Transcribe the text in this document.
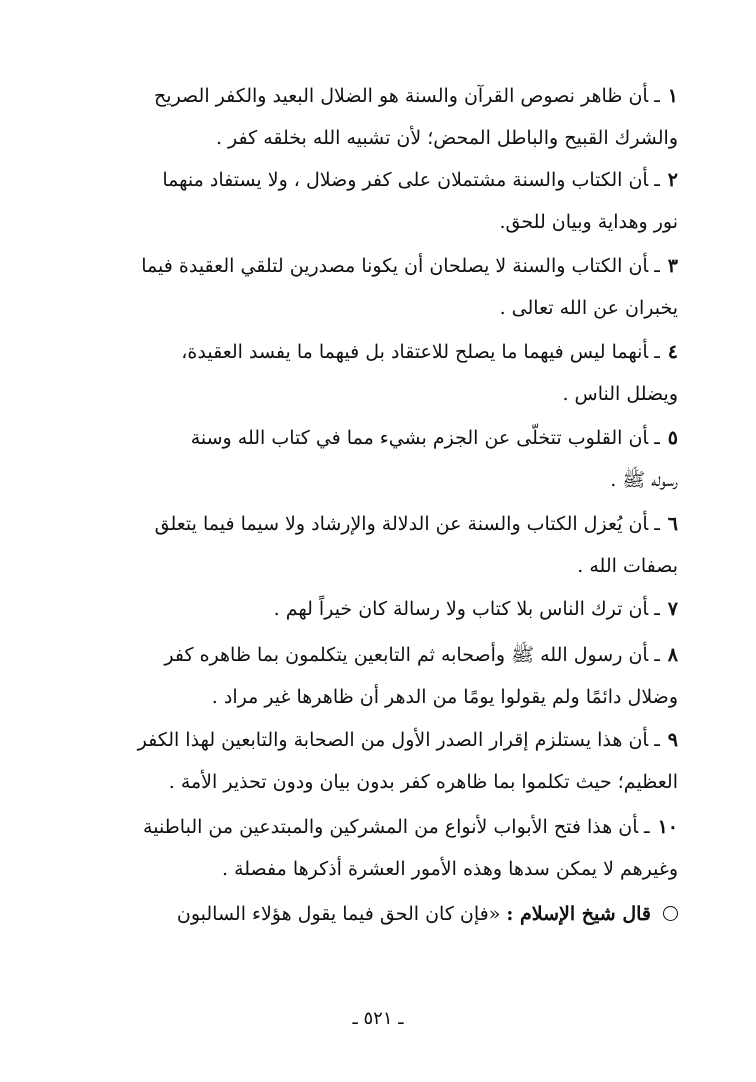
١ـأن ظاهر نصوص القرآن والسنة هو الضلال البعيد والكفر الصريح
والشرك القبيح والباطل المحض؛ لأن تشبيه الله بخلقه كفر .
٢ـأن الكتاب والسنة مشتملان على كفر وضلال ، ولا يستفاد منهما
نور وهداية وبيان للحق.
٣ـأن الكتاب والسنة لا يصلحان أن يكونا مصدرين لتلقي العقيدة فيما
يخبران عن الله تعالى .
٤ـأنهما ليس فيهما ما يصلح للاعتقاد بل فيهما ما يفسد العقيدة،
ويضلل الناس .
٥ـأن القلوب تتخلّى عن الجزم بشيء مما في كتاب الله وسنة
رسوله ﷺ .
٦ـأن يُعزل الكتاب والسنة عن الدلالة والإرشاد ولا سيما فيما يتعلق
بصفات الله .
٧ـأن ترك الناس بلا كتاب ولا رسالة كان خيراً لهم .
٨ـأن رسول الله ﷺ وأصحابه ثم التابعين يتكلمون بما ظاهره كفر
وضلال دائمًا ولم يقولوا يومًا من الدهر أن ظاهرها غير مراد .
٩ـأن هذا يستلزم إقرار الصدر الأول من الصحابة والتابعين لهذا الكفر
العظيم؛ حيث تكلموا بما ظاهره كفر بدون بيان ودون تحذير الأمة .
١٠ـأن هذا فتح الأبواب لأنواع من المشركين والمبتدعين من الباطنية
وغيرهم لا يمكن سدها وهذه الأمور العشرة أذكرها مفصلة .
قال شيخ الإسلام : «فإن كان الحق فيما يقول هؤلاء السالبون
ـ ٥٢١ ـ
